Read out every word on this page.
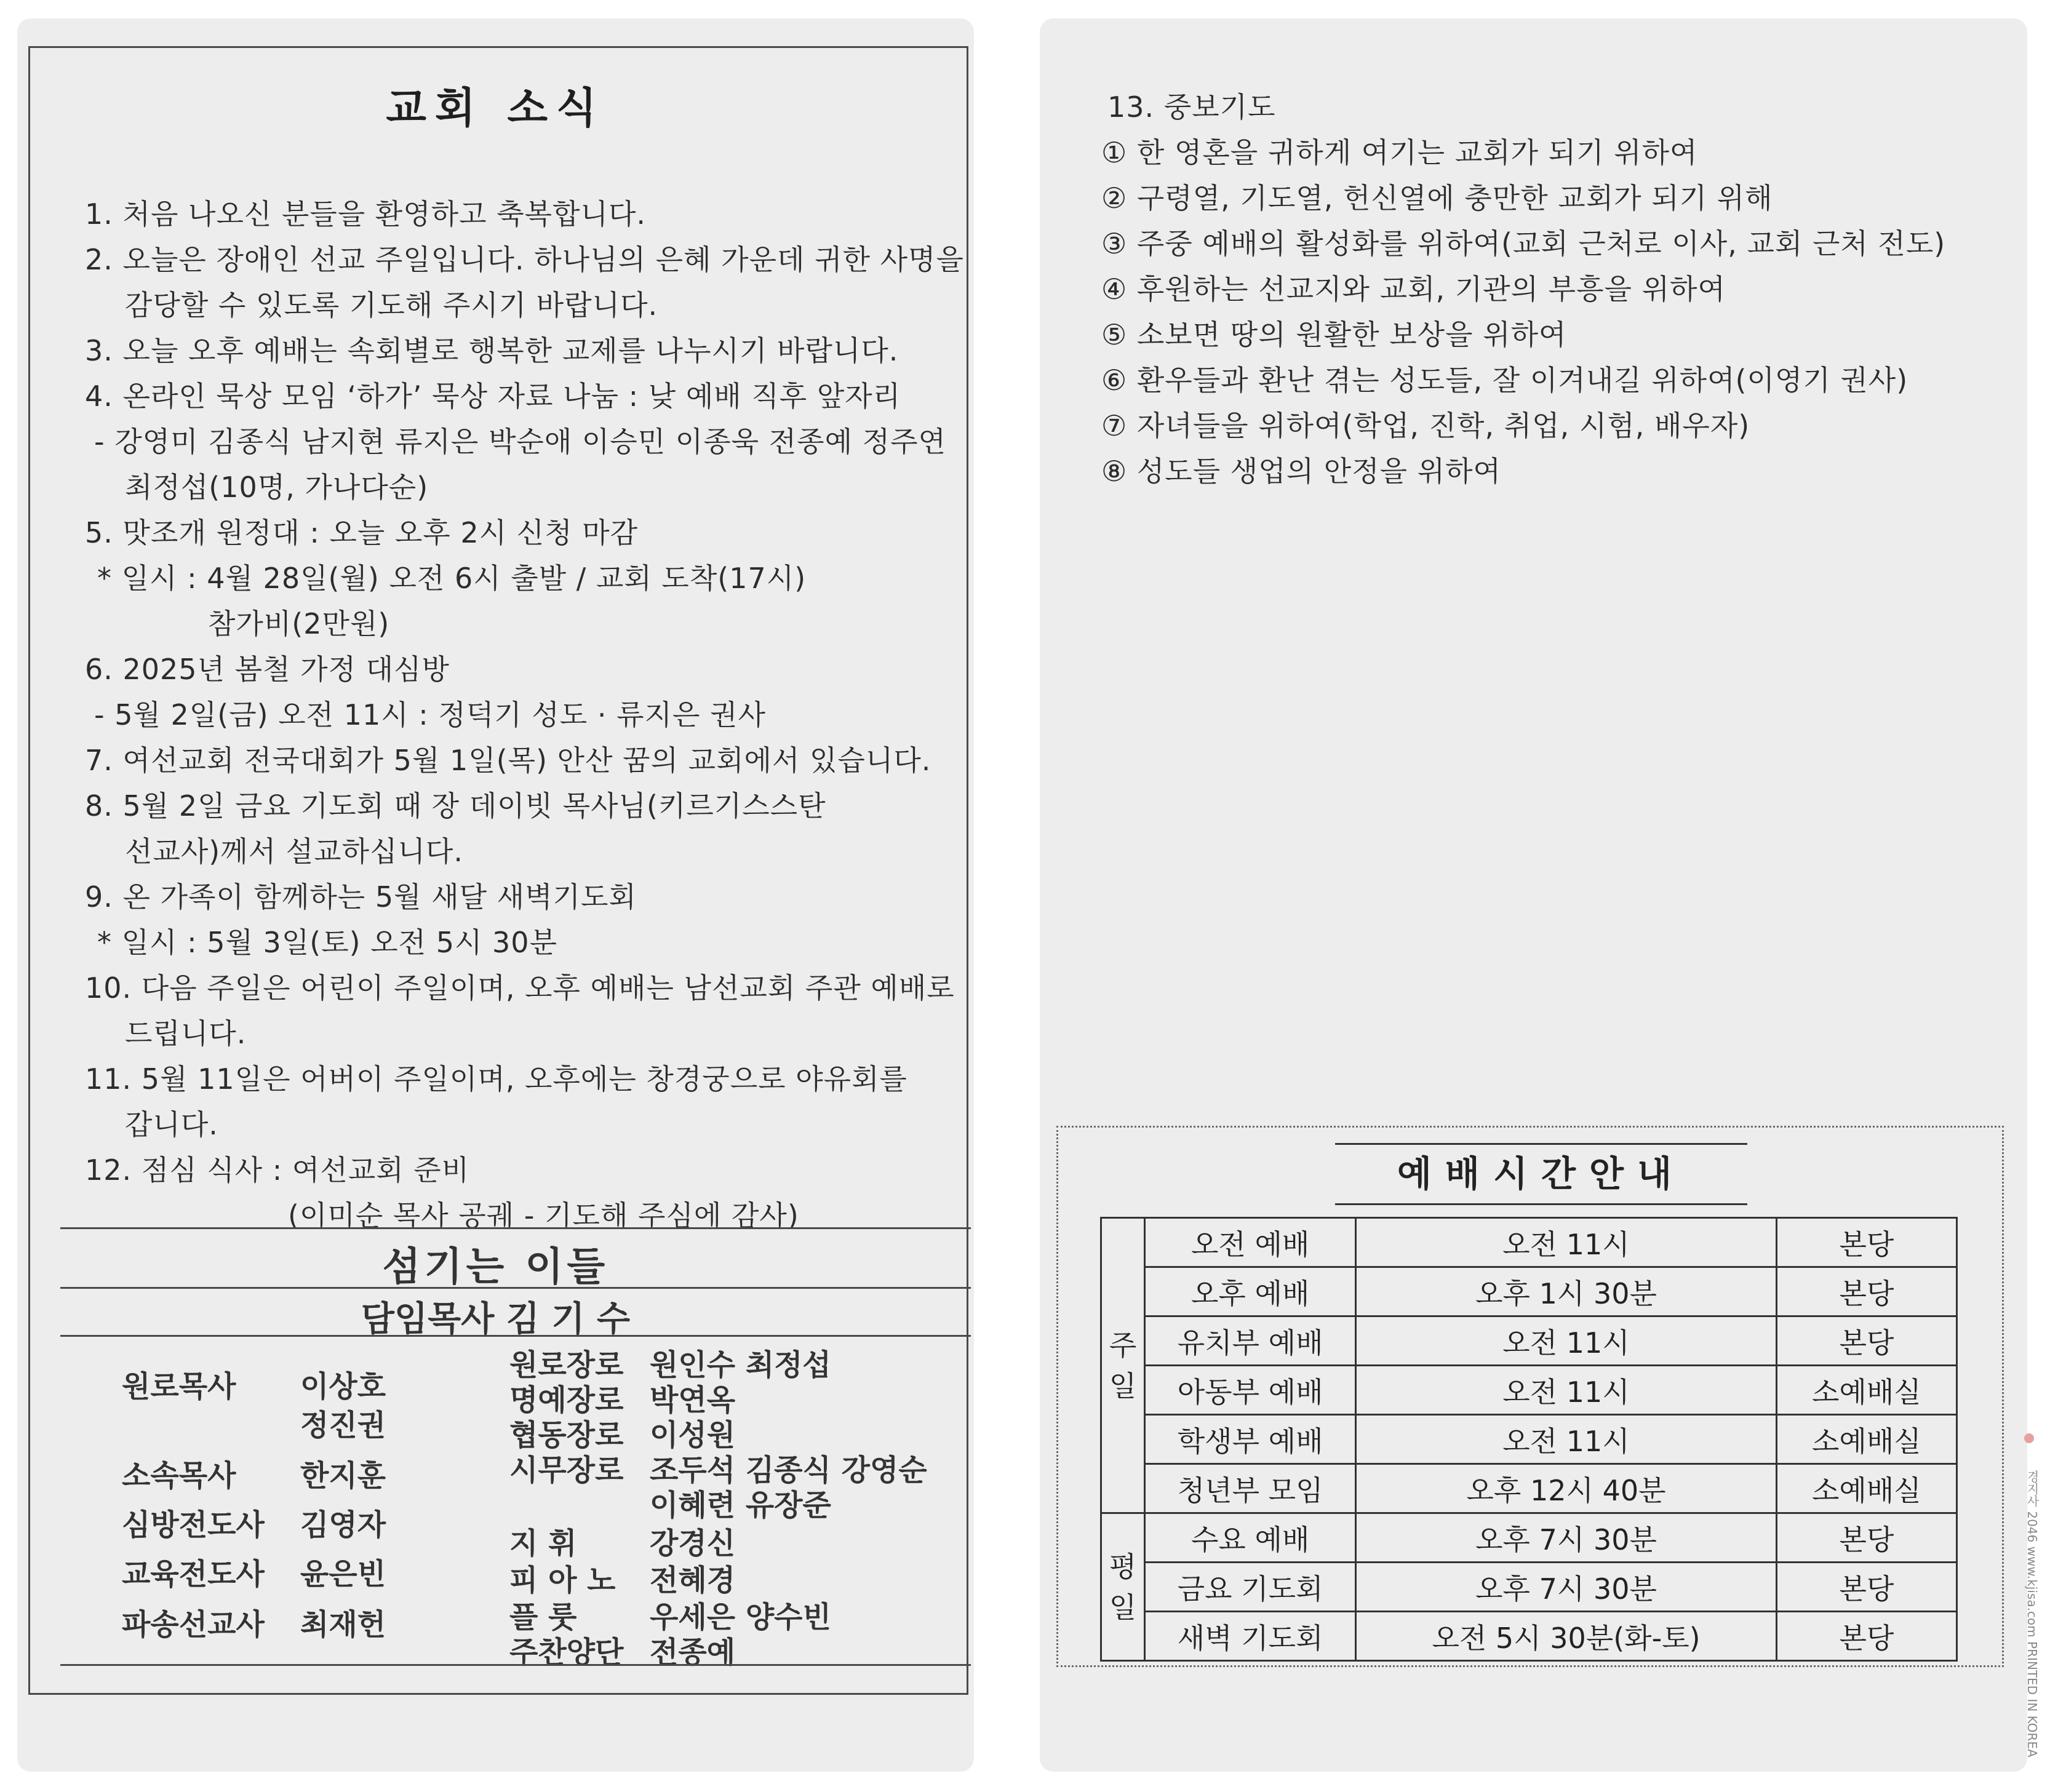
교회 소식
1. 처음 나오신 분들을 환영하고 축복합니다.
2. 오늘은 장애인 선교 주일입니다. 하나님의 은혜 가운데 귀한 사명을
감당할 수 있도록 기도해 주시기 바랍니다.
3. 오늘 오후 예배는 속회별로 행복한 교제를 나누시기 바랍니다.
4. 온라인 묵상 모임 ‘하가’ 묵상 자료 나눔 : 낮 예배 직후 앞자리
- 강영미 김종식 남지현 류지은 박순애 이승민 이종욱 전종예 정주연
최정섭(10명, 가나다순)
5. 맛조개 원정대 : 오늘 오후 2시 신청 마감
* 일시 : 4월 28일(월) 오전 6시 출발 / 교회 도착(17시)
참가비(2만원)
6. 2025년 봄철 가정 대심방
- 5월 2일(금) 오전 11시 : 정덕기 성도 · 류지은 권사
7. 여선교회 전국대회가 5월 1일(목) 안산 꿈의 교회에서 있습니다.
8. 5월 2일 금요 기도회 때 장 데이빗 목사님(키르기스스탄
선교사)께서 설교하십니다.
9. 온 가족이 함께하는 5월 새달 새벽기도회
* 일시 : 5월 3일(토) 오전 5시 30분
10. 다음 주일은 어린이 주일이며, 오후 예배는 남선교회 주관 예배로
드립니다.
11. 5월 11일은 어버이 주일이며, 오후에는 창경궁으로 야유회를
갑니다.
12. 점심 식사 : 여선교회 준비
(이미순 목사 공궤 - 기도해 주심에 감사)
섬기는 이들
담임목사 김 기 수
원로목사 이상호
정진권
소속목사 한지훈
심방전도사 김영자
교육전도사 윤은빈
파송선교사 최재헌
원로장로 원인수 최정섭
명예장로 박연옥
협동장로 이성원
시무장로 조두석 김종식 강영순
이혜련 유장준
지 휘 강경신
피 아 노 전혜경
플 룻 우세은 양수빈
주찬양단 전종예
13. 중보기도
① 한 영혼을 귀하게 여기는 교회가 되기 위하여
② 구령열, 기도열, 헌신열에 충만한 교회가 되기 위해
③ 주중 예배의 활성화를 위하여(교회 근처로 이사, 교회 근처 전도)
④ 후원하는 선교지와 교회, 기관의 부흥을 위하여
⑤ 소보면 땅의 원활한 보상을 위하여
⑥ 환우들과 환난 겪는 성도들, 잘 이겨내길 위하여(이영기 권사)
⑦ 자녀들을 위하여(학업, 진학, 취업, 시험, 배우자)
⑧ 성도들 생업의 안정을 위하여
예배시간안내
주
일	오전 예배	오전 11시	본당
	오후 예배	오후 1시 30분	본당
	유치부 예배	오전 11시	본당
	아동부 예배	오전 11시	소예배실
	학생부 예배	오전 11시	소예배실
	청년부 모임	오후 12시 40분	소예배실
평
일	수요 예배	오후 7시 30분	본당
	금요 기도회	오후 7시 30분	본당
	새벽 기도회	오전 5시 30분(화-토)	본당	경지사 2046 www.kjisa.com PRINTED IN KOREA
